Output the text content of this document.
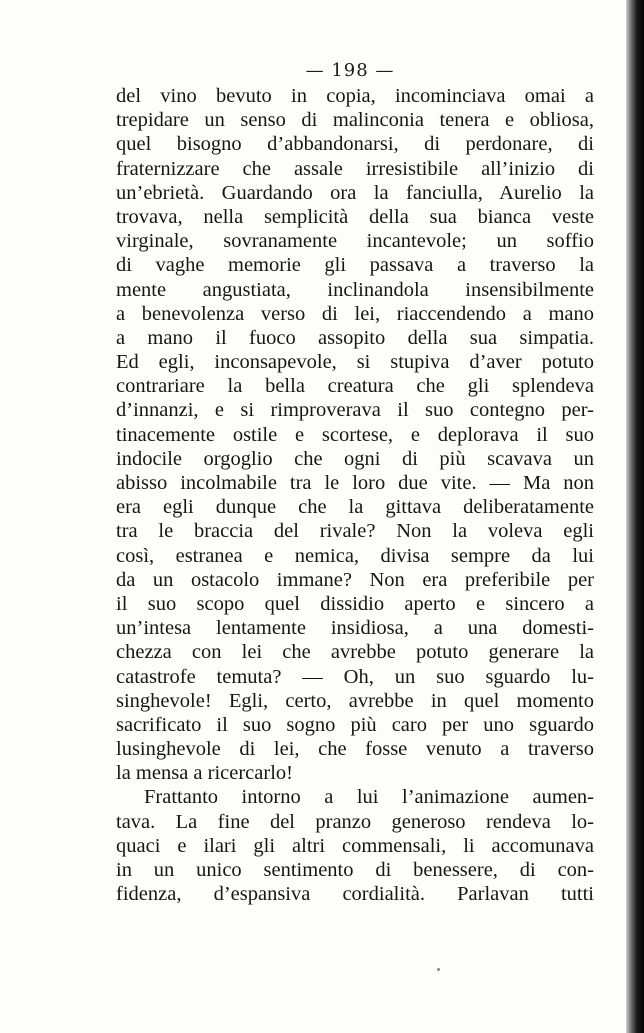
— 198 —
del vino bevuto in copia, incominciava omai a
trepidare un senso di malinconia tenera e obliosa,
quel bisogno d’abbandonarsi, di perdonare, di
fraternizzare che assale irresistibile all’inizio di
un’ebrietà. Guardando ora la fanciulla, Aurelio la
trovava, nella semplicità della sua bianca veste
virginale, sovranamente incantevole; un soffio
di vaghe memorie gli passava a traverso la
mente angustiata, inclinandola insensibilmente
a benevolenza verso di lei, riaccendendo a mano
a mano il fuoco assopito della sua simpatia.
Ed egli, inconsapevole, si stupiva d’aver potuto
contrariare la bella creatura che gli splendeva
d’innanzi, e si rimproverava il suo contegno per-
tinacemente ostile e scortese, e deplorava il suo
indocile orgoglio che ogni di più scavava un
abisso incolmabile tra le loro due vite. — Ma non
era egli dunque che la gittava deliberatamente
tra le braccia del rivale? Non la voleva egli
così, estranea e nemica, divisa sempre da lui
da un ostacolo immane? Non era preferibile per
il suo scopo quel dissidio aperto e sincero a
un’intesa lentamente insidiosa, a una domesti-
chezza con lei che avrebbe potuto generare la
catastrofe temuta? — Oh, un suo sguardo lu-
singhevole! Egli, certo, avrebbe in quel momento
sacrificato il suo sogno più caro per uno sguardo
lusinghevole di lei, che fosse venuto a traverso
la mensa a ricercarlo!
Frattanto intorno a lui l’animazione aumen-
tava. La fine del pranzo generoso rendeva lo-
quaci e ilari gli altri commensali, li accomunava
in un unico sentimento di benessere, di con-
fidenza, d’espansiva cordialità. Parlavan tutti
